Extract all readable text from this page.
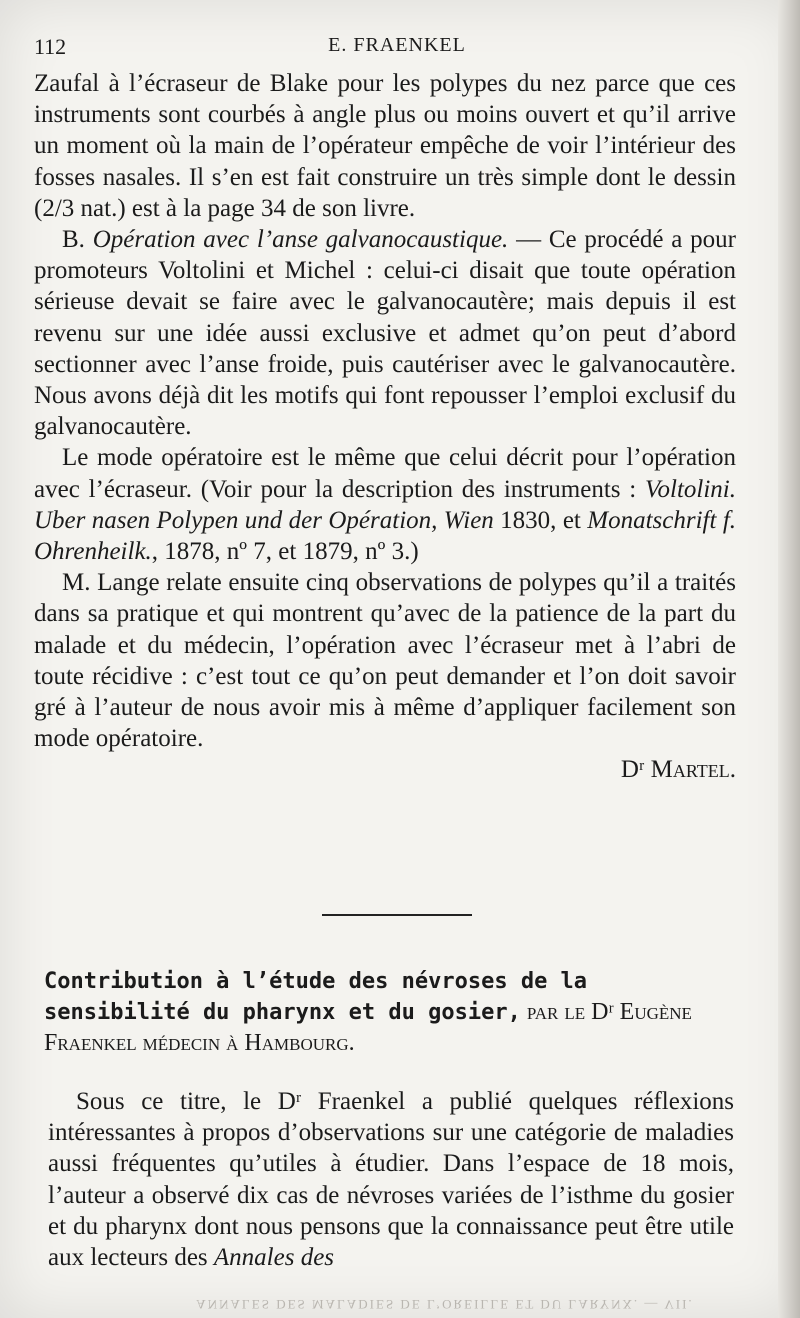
112	E. FRAENKEL

Zaufal à l’écraseur de Blake pour les polypes du nez parce que ces instruments sont courbés à angle plus ou moins ouvert et qu’il arrive un moment où la main de l’opérateur empêche de voir l’intérieur des fosses nasales. Il s’en est fait construire un très simple dont le dessin (2/3 nat.) est à la page 34 de son livre.

B. Opération avec l’anse galvanocaustique. — Ce procédé a pour promoteurs Voltolini et Michel : celui-ci disait que toute opération sérieuse devait se faire avec le galvanocautère; mais depuis il est revenu sur une idée aussi exclusive et admet qu’on peut d’abord sectionner avec l’anse froide, puis cautériser avec le galvanocautère. Nous avons déjà dit les motifs qui font repousser l’emploi exclusif du galvanocautère.

Le mode opératoire est le même que celui décrit pour l’opération avec l’écraseur. (Voir pour la description des instruments : Voltolini. Uber nasen Polypen und der Opération, Wien 1830, et Monatschrift f. Ohrenheilk., 1878, nº 7, et 1879, nº 3.)

M. Lange relate ensuite cinq observations de polypes qu’il a traités dans sa pratique et qui montrent qu’avec de la patience de la part du malade et du médecin, l’opération avec l’écraseur met à l’abri de toute récidive : c’est tout ce qu’on peut demander et l’on doit savoir gré à l’auteur de nous avoir mis à même d’appliquer facilement son mode opératoire.

Dʳ Martel.

Contribution à l’étude des névroses de la sensibilité du pharynx et du gosier, par le Dʳ Eugène Fraenkel médecin à Hambourg.

Sous ce titre, le Dʳ Fraenkel a publié quelques réflexions intéressantes à propos d’observations sur une catégorie de maladies aussi fréquentes qu’utiles à étudier. Dans l’espace de 18 mois, l’auteur a observé dix cas de névroses variées de l’isthme du gosier et du pharynx dont nous pensons que la connaissance peut être utile aux lecteurs des Annales des

ANNALES DES MALADIES DE L’OREILLE ET DU LARYNX. — VII.
